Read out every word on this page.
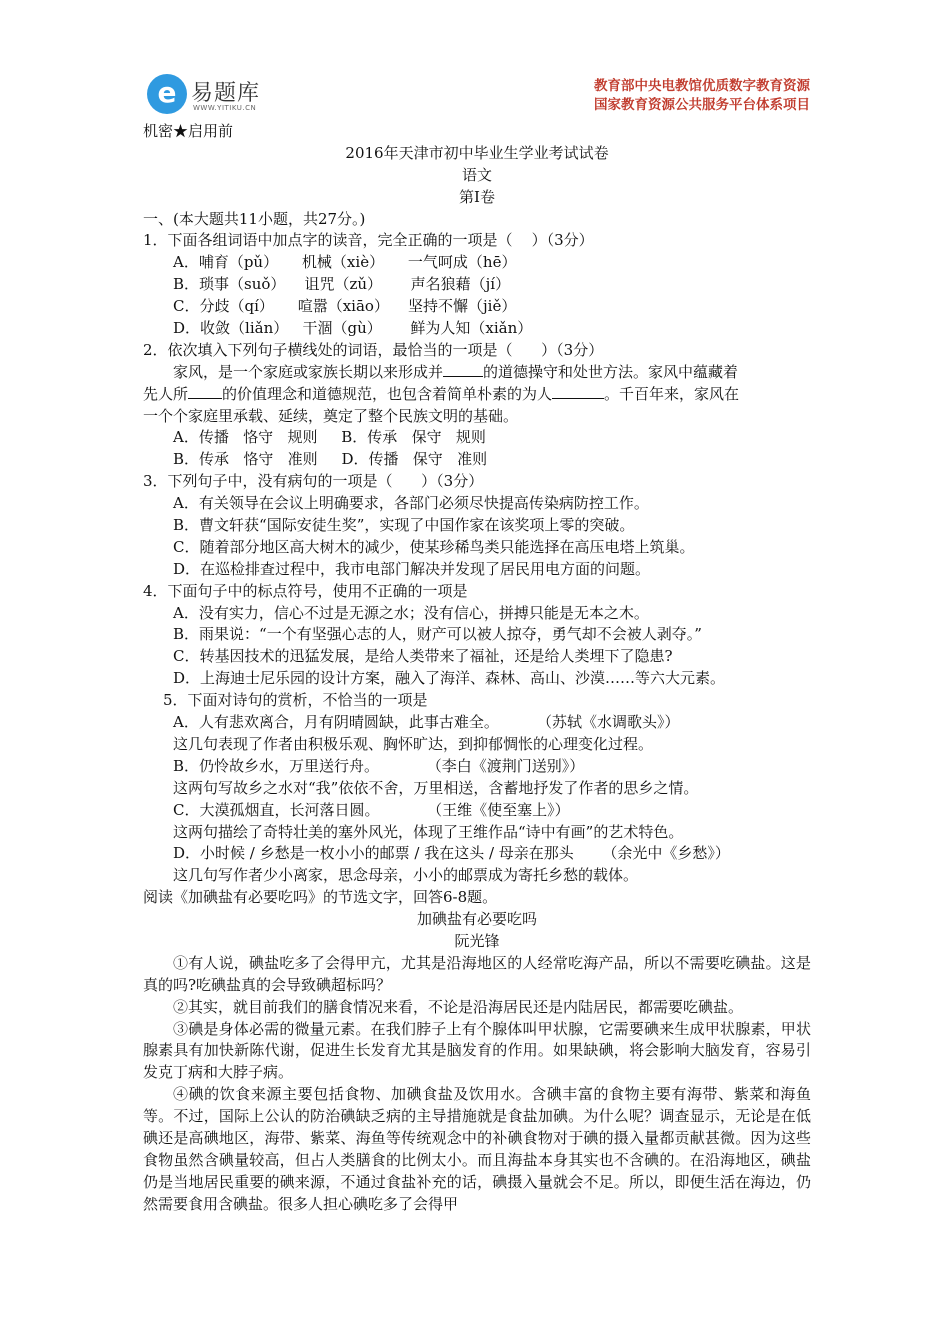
e 易题库
WWW.YITIKU.CN
教育部中央电教馆优质数字教育资源
国家教育资源公共服务平台体系项目
机密★启用前
2016年天津市初中毕业生学业考试试卷
语文
第Ⅰ卷
一、(本大题共11小题，共27分。)
1．下面各组词语中加点字的读音，完全正确的一项是（    ）（3分）
A．哺育（pǔ）     机械（xiè）     一气呵成（hē）
B．琐事（suǒ）    诅咒（zǔ）      声名狼藉（jí）
C．分歧（qí）     喧嚣（xiāo）    坚持不懈（jiě）
D．收敛（liǎn）   干涸（gù）      鲜为人知（xiǎn）
2．依次填入下列句子横线处的词语，最恰当的一项是（      ）（3分）
家风，是一个家庭或家族长期以来形成并	的道德操守和处世方法。家风中蕴藏着
先人所 的价值理念和道德规范，也包含着简单朴素的为人	。千百年来，家风在
一个个家庭里承载、延续，奠定了整个民族文明的基础。
A．传播   恪守   规则     B．传承   保守   规则
B．传承   恪守   准则     D．传播   保守   准则
3．下列句子中，没有病句的一项是（      ）（3分）
A．有关领导在会议上明确要求，各部门必须尽快提高传染病防控工作。
B．曹文轩获“国际安徒生奖”，实现了中国作家在该奖项上零的突破。
C．随着部分地区高大树木的减少，使某珍稀鸟类只能选择在高压电塔上筑巢。
D．在巡检排查过程中，我市电部门解决并发现了居民用电方面的问题。
4．下面句子中的标点符号，使用不正确的一项是
A．没有实力，信心不过是无源之水；没有信心，拼搏只能是无本之木。
B．雨果说：“一个有坚强心志的人，财产可以被人掠夺，勇气却不会被人剥夺。”
C．转基因技术的迅猛发展，是给人类带来了福祉，还是给人类埋下了隐患?
D．上海迪士尼乐园的设计方案，融入了海洋、森林、高山、沙漠……等六大元素。
5．下面对诗句的赏析，不恰当的一项是
A．人有悲欢离合，月有阴晴圆缺，此事古难全。        （苏轼《水调歌头》）
这几句表现了作者由积极乐观、胸怀旷达，到抑郁惆怅的心理变化过程。
B．仍怜故乡水，万里送行舟。          （李白《渡荆门送别》）
这两句写故乡之水对“我”依依不舍，万里相送，含蓄地抒发了作者的思乡之情。
C．大漠孤烟直，长河落日圆。          （王维《使至塞上》）
这两句描绘了奇特壮美的塞外风光，体现了王维作品“诗中有画”的艺术特色。
D．小时候 / 乡愁是一枚小小的邮票 / 我在这头 / 母亲在那头      （余光中《乡愁》）
这几句写作者少小离家，思念母亲，小小的邮票成为寄托乡愁的载体。
阅读《加碘盐有必要吃吗》的节选文字，回答6-8题。
加碘盐有必要吃吗
阮光锋
①有人说，碘盐吃多了会得甲亢，尤其是沿海地区的人经常吃海产品，所以不需要吃碘盐。这是真的吗?吃碘盐真的会导致碘超标吗？
②其实，就目前我们的膳食情况来看，不论是沿海居民还是内陆居民，都需要吃碘盐。
③碘是身体必需的微量元素。在我们脖子上有个腺体叫甲状腺，它需要碘来生成甲状腺素，甲状腺素具有加快新陈代谢，促进生长发育尤其是脑发育的作用。如果缺碘，将会影响大脑发育，容易引发克丁病和大脖子病。
④碘的饮食来源主要包括食物、加碘食盐及饮用水。含碘丰富的食物主要有海带、紫菜和海鱼等。不过，国际上公认的防治碘缺乏病的主导措施就是食盐加碘。为什么呢？调查显示，无论是在低碘还是高碘地区，海带、紫菜、海鱼等传统观念中的补碘食物对于碘的摄入量都贡献甚微。因为这些食物虽然含碘量较高，但占人类膳食的比例太小。而且海盐本身其实也不含碘的。在沿海地区，碘盐仍是当地居民重要的碘来源，不通过食盐补充的话，碘摄入量就会不足。所以，即便生活在海边，仍然需要食用含碘盐。很多人担心碘吃多了会得甲
